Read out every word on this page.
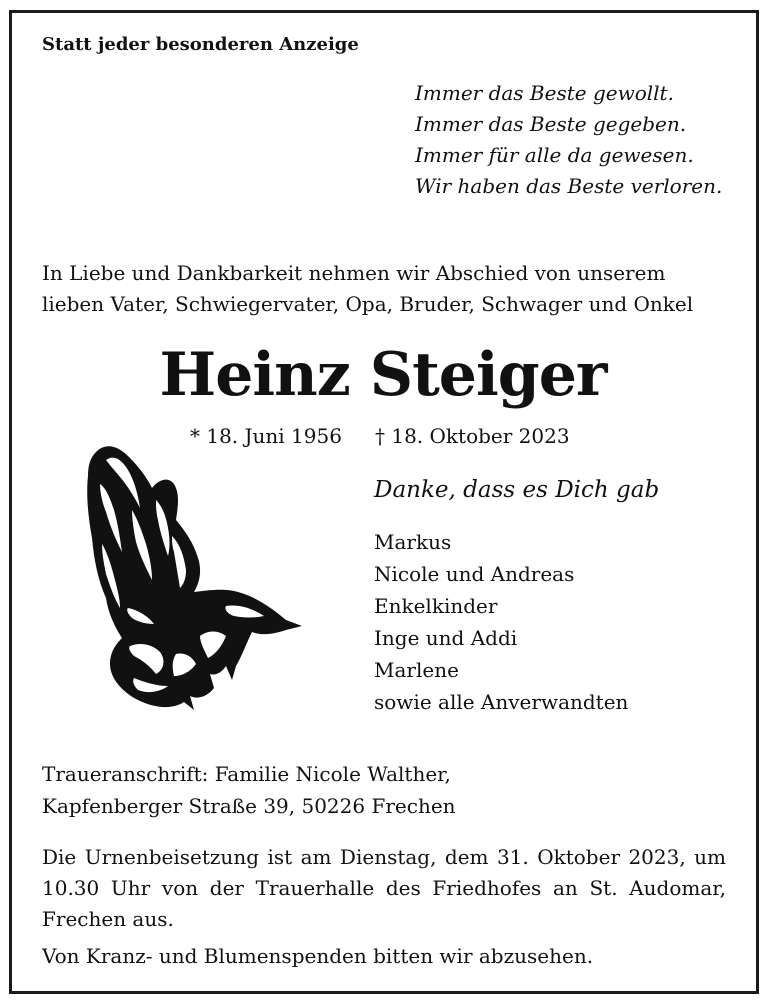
Statt jeder besonderen Anzeige
Immer das Beste gewollt.
Immer das Beste gegeben.
Immer für alle da gewesen.
Wir haben das Beste verloren.
In Liebe und Dankbarkeit nehmen wir Abschied von unserem
lieben Vater, Schwiegervater, Opa, Bruder, Schwager und Onkel
Heinz Steiger
* 18. Juni 1956 † 18. Oktober 2023
Danke, dass es Dich gab
Markus
Nicole und Andreas
Enkelkinder
Inge und Addi
Marlene
sowie alle Anverwandten
Traueranschrift: Familie Nicole Walther,
Kapfenberger Straße 39, 50226 Frechen
Die Urnenbeisetzung ist am Dienstag, dem 31. Oktober 2023, um
10.30 Uhr von der Trauerhalle des Friedhofes an St. Audomar,
Frechen aus.
Von Kranz- und Blumenspenden bitten wir abzusehen.
